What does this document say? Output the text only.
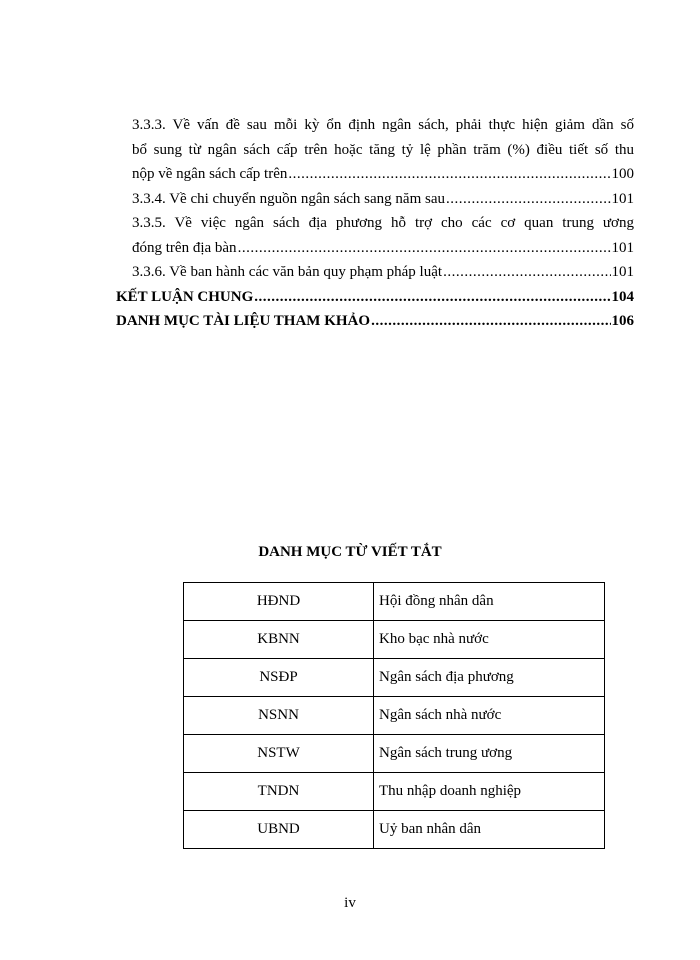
3.3.3. Về vấn đề sau mỗi kỳ ổn định ngân sách, phải thực hiện giảm dần số
bổ sung từ ngân sách cấp trên hoặc tăng tỷ lệ phần trăm (%) điều tiết số thu
nộp về ngân sách cấp trên .....	100
3.3.4. Về chi chuyển nguồn ngân sách sang năm sau .....	101
3.3.5. Về việc ngân sách địa phương hỗ trợ cho các cơ quan trung ương
đóng trên địa bàn .....	101
3.3.6. Về ban hành các văn bản quy phạm pháp luật .....	101
KẾT LUẬN CHUNG .....	104
DANH MỤC TÀI LIỆU THAM KHẢO .....	106
DANH MỤC TỪ VIẾT TẮT
HĐND	Hội đồng nhân dân
KBNN	Kho bạc nhà nước
NSĐP	Ngân sách địa phương
NSNN	Ngân sách nhà nước
NSTW	Ngân sách trung ương
TNDN	Thu nhập doanh nghiệp
UBND	Uỷ ban nhân dân
iv
